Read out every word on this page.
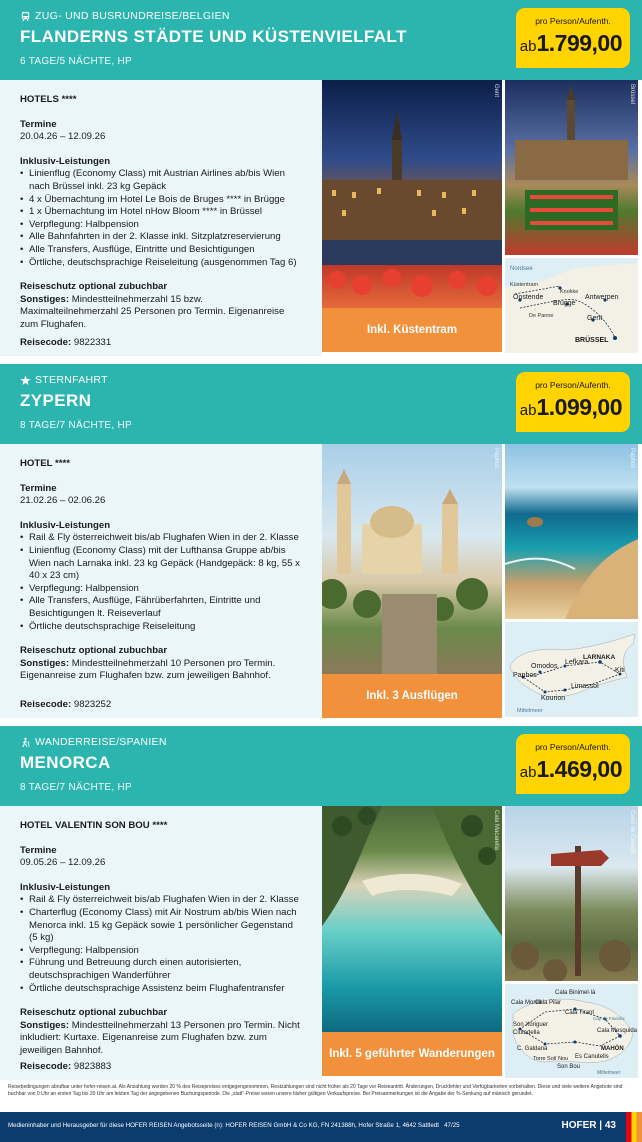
ZUG- UND BUSRUNDREISE/BELGIEN
FLANDERNS STÄDTE UND KÜSTENVIELFALT
6 TAGE/5 NÄCHTE, HP
pro Person/Aufenth.
ab1.799,00
HOTELS ****
Termine
20.04.26 – 12.09.26
Inklusiv-Leistungen
• Linienflug (Economy Class) mit Austrian Airlines ab/bis Wien nach Brüssel inkl. 23 kg Gepäck
• 4 x Übernachtung im Hotel Le Bois de Bruges **** in Brügge
• 1 x Übernachtung im Hotel nHow Bloom **** in Brüssel
• Verpflegung: Halbpension
• Alle Bahnfahrten in der 2. Klasse inkl. Sitzplatzreservierung
• Alle Transfers, Ausflüge, Eintritte und Besichtigungen
• Örtliche, deutschsprachige Reiseleitung (ausgenommen Tag 6)
Reiseschutz optional zubuchbar
Sonstiges: Mindestteilnehmerzahl 15 bzw. Maximalteilnehmerzahl 25 Personen pro Termin. Eigenanreise zum Flughafen.
Reisecode: 9822331
Gent	Brüssel
Inkl. Küstentram
Nordsee
Küstentram
Knokke
Oostende
Brügge
Antwerpen
De Panne	Gent
BRÜSSEL
STERNFAHRT
ZYPERN
8 TAGE/7 NÄCHTE, HP
pro Person/Aufenth.
ab1.099,00
HOTEL ****
Termine
21.02.26 – 02.06.26
Inklusiv-Leistungen
• Rail & Fly österreichweit bis/ab Flughafen Wien in der 2. Klasse
• Linienflug (Economy Class) mit der Lufthansa Gruppe ab/bis Wien nach Larnaka inkl. 23 kg Gepäck (Handgepäck: 8 kg, 55 x 40 x 23 cm)
• Verpflegung: Halbpension
• Alle Transfers, Ausflüge, Fährüberfahrten, Eintritte und Besichtigungen lt. Reiseverlauf
• Örtliche deutschsprachige Reiseleitung
Reiseschutz optional zubuchbar
Sonstiges: Mindestteilnehmerzahl 10 Personen pro Termin. Eigenanreise zum Flughafen bzw. zum jeweiligen Bahnhof.
Reisecode: 9823252
Paphos	Paphos
Inkl. 3 Ausflügen
LARNAKA
Omodos
Lefkara
Paphos
Kiti
Limassol
Kourion
Mittelmeer
WANDERREISE/SPANIEN
MENORCA
8 TAGE/7 NÄCHTE, HP
pro Person/Aufenth.
ab1.469,00
HOTEL VALENTIN SON BOU ****
Termine
09.05.26 – 12.09.26
Inklusiv-Leistungen
• Rail & Fly österreichweit bis/ab Flughafen Wien in der 2. Klasse
• Charterflug (Economy Class) mit Air Nostrum ab/bis Wien nach Menorca inkl. 15 kg Gepäck sowie 1 persönlicher Gegenstand (5 kg)
• Verpflegung: Halbpension
• Führung und Betreuung durch einen autorisierten, deutschsprachigen Wanderführer
• Örtliche deutschsprachige Assistenz beim Flughafentransfer
Reiseschutz optional zubuchbar
Sonstiges: Mindestteilnehmerzahl 13 Personen pro Termin. Nicht inkludiert: Kurtaxe. Eigenanreise zum Flughafen bzw. zum jeweiligen Bahnhof.
Reisecode: 9823883
Cala Macarella	Camí de Cavalls
Inkl. 5 geführter Wanderungen
Cala Binimel·là
Cala Morell
Cala Pilar
Cala Tirant
Cap de Favàritx
Son Xoriguer
Ciutadella	Cala Mesquida
MAHÓN
C. Galdana
Torre Solí Nou
Son Bou
Es Canutells
Mittelmeer
Reisebedingungen abrufbar unter hofer-reisen.at. Als Anzahlung werden 20 % des Reisepreises entgegengenommen, Restzahlungen sind nicht früher als 20 Tage vor Reiseantritt. Änderungen, Druckfehler und Verfügbarkeiten vorbehalten. Diese und viele weitere Angebote sind buchbar von 0 Uhr an ersten Tag bis 20 Uhr am letzten Tag der angegebenen Buchungsperiode. Die „statt“-Preise waren unsere bisher gültigen Verkaufspreise. Bei Preisanmerkungen ist die Angabe der %-Senkung auf mänisch gerundet.
Medieninhaber und Herausgeber für diese HOFER REISEN Angebotsseite (n): HOFER REISEN GmbH & Co KG, FN 241388h, Hofer Straße 1, 4642 Sattledt 47/25	HOFER | 43
